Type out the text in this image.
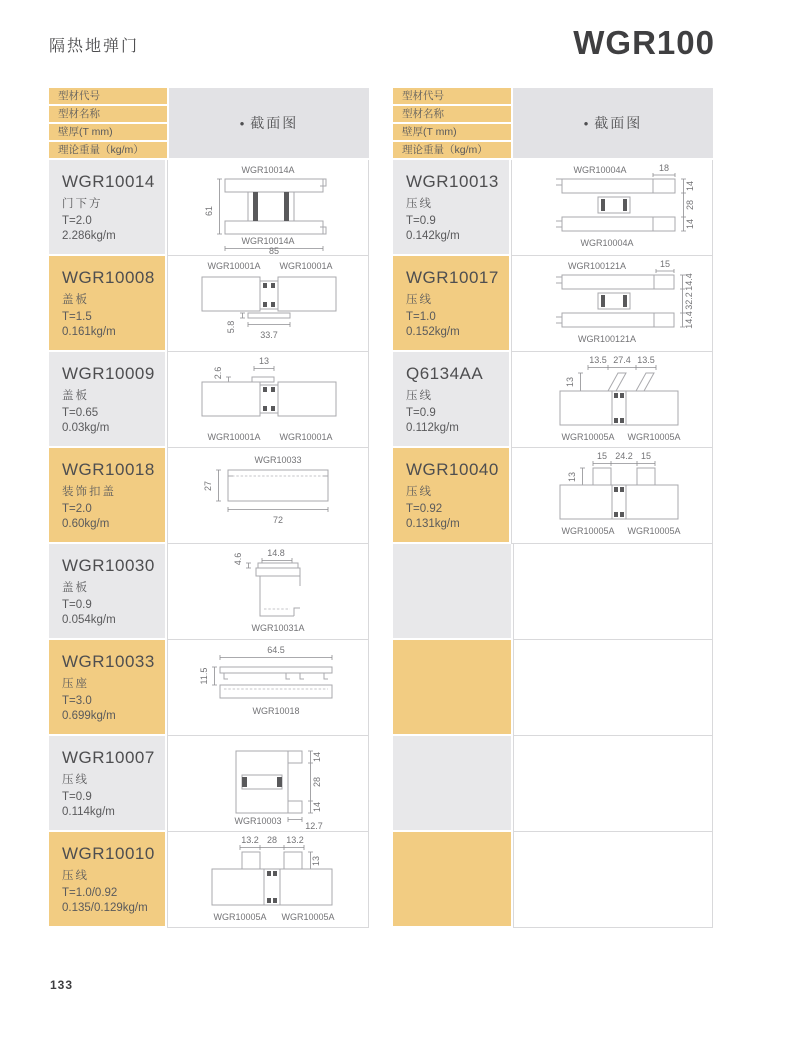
隔热地弹门	WGR100
型材代号
型材名称
壁厚(T mm)
理论重量（kg/m）
• 截面图
WGR10014
门下方
T=2.0
2.286kg/m
WGR10014A
61
WGR10014A
85
WGR10008
盖板
T=1.5
0.161kg/m
WGR10001A WGR10001A
5.8
33.7
WGR10009
盖板
T=0.65
0.03kg/m
2.6
13
WGR10001A WGR10001A
WGR10018
装饰扣盖
T=2.0
0.60kg/m
WGR10033
27
72
WGR10030
盖板
T=0.9
0.054kg/m
4.6	14.8
WGR10031A
WGR10033
压座
T=3.0
0.699kg/m
64.5
11.5
WGR10018
WGR10007
压线
T=0.9
0.114kg/m
14
28
14
WGR10003	12.7
WGR10010
压线
T=1.0/0.92
0.135/0.129kg/m
13.2 28 13.2
13
WGR10005A WGR10005A
型材代号
型材名称
壁厚(T mm)
理论重量（kg/m）
• 截面图
WGR10013
压线
T=0.9
0.142kg/m
WGR10004A	18
14
28
14
WGR10004A
WGR10017
压线
T=1.0
0.152kg/m
WGR100121A	15
14.4
32.2
14.4
WGR100121A
Q6134AA
压线
T=0.9
0.112kg/m
13.5 27.4 13.5
13
WGR10005A WGR10005A
WGR10040
压线
T=0.92
0.131kg/m
15 24.2 15
13
WGR10005A WGR10005A
133
